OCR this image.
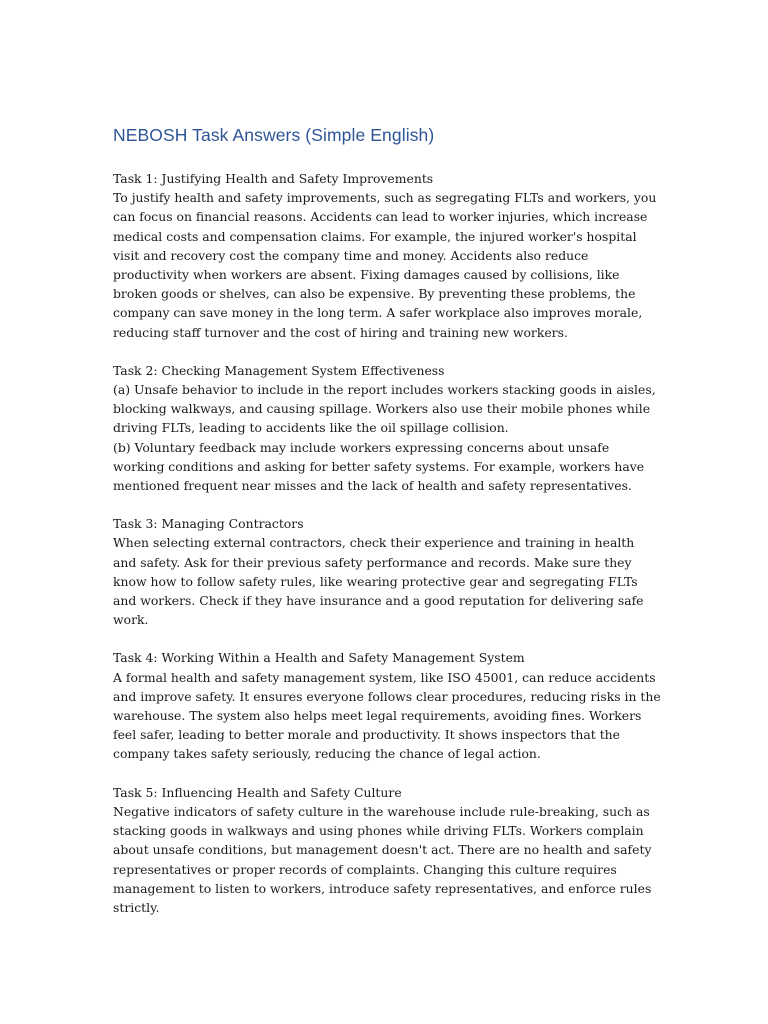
NEBOSH Task Answers (Simple English)

Task 1: Justifying Health and Safety Improvements

To justify health and safety improvements, such as segregating FLTs and workers, you can focus on financial reasons. Accidents can lead to worker injuries, which increase medical costs and compensation claims. For example, the injured worker's hospital visit and recovery cost the company time and money. Accidents also reduce productivity when workers are absent. Fixing damages caused by collisions, like broken goods or shelves, can also be expensive. By preventing these problems, the company can save money in the long term. A safer workplace also improves morale, reducing staff turnover and the cost of hiring and training new workers.

Task 2: Checking Management System Effectiveness

(a) Unsafe behavior to include in the report includes workers stacking goods in aisles, blocking walkways, and causing spillage. Workers also use their mobile phones while driving FLTs, leading to accidents like the oil spillage collision.

(b) Voluntary feedback may include workers expressing concerns about unsafe working conditions and asking for better safety systems. For example, workers have mentioned frequent near misses and the lack of health and safety representatives.

Task 3: Managing Contractors

When selecting external contractors, check their experience and training in health and safety. Ask for their previous safety performance and records. Make sure they know how to follow safety rules, like wearing protective gear and segregating FLTs and workers. Check if they have insurance and a good reputation for delivering safe work.

Task 4: Working Within a Health and Safety Management System

A formal health and safety management system, like ISO 45001, can reduce accidents and improve safety. It ensures everyone follows clear procedures, reducing risks in the warehouse. The system also helps meet legal requirements, avoiding fines. Workers feel safer, leading to better morale and productivity. It shows inspectors that the company takes safety seriously, reducing the chance of legal action.

Task 5: Influencing Health and Safety Culture

Negative indicators of safety culture in the warehouse include rule-breaking, such as stacking goods in walkways and using phones while driving FLTs. Workers complain about unsafe conditions, but management doesn't act. There are no health and safety representatives or proper records of complaints. Changing this culture requires management to listen to workers, introduce safety representatives, and enforce rules strictly.
